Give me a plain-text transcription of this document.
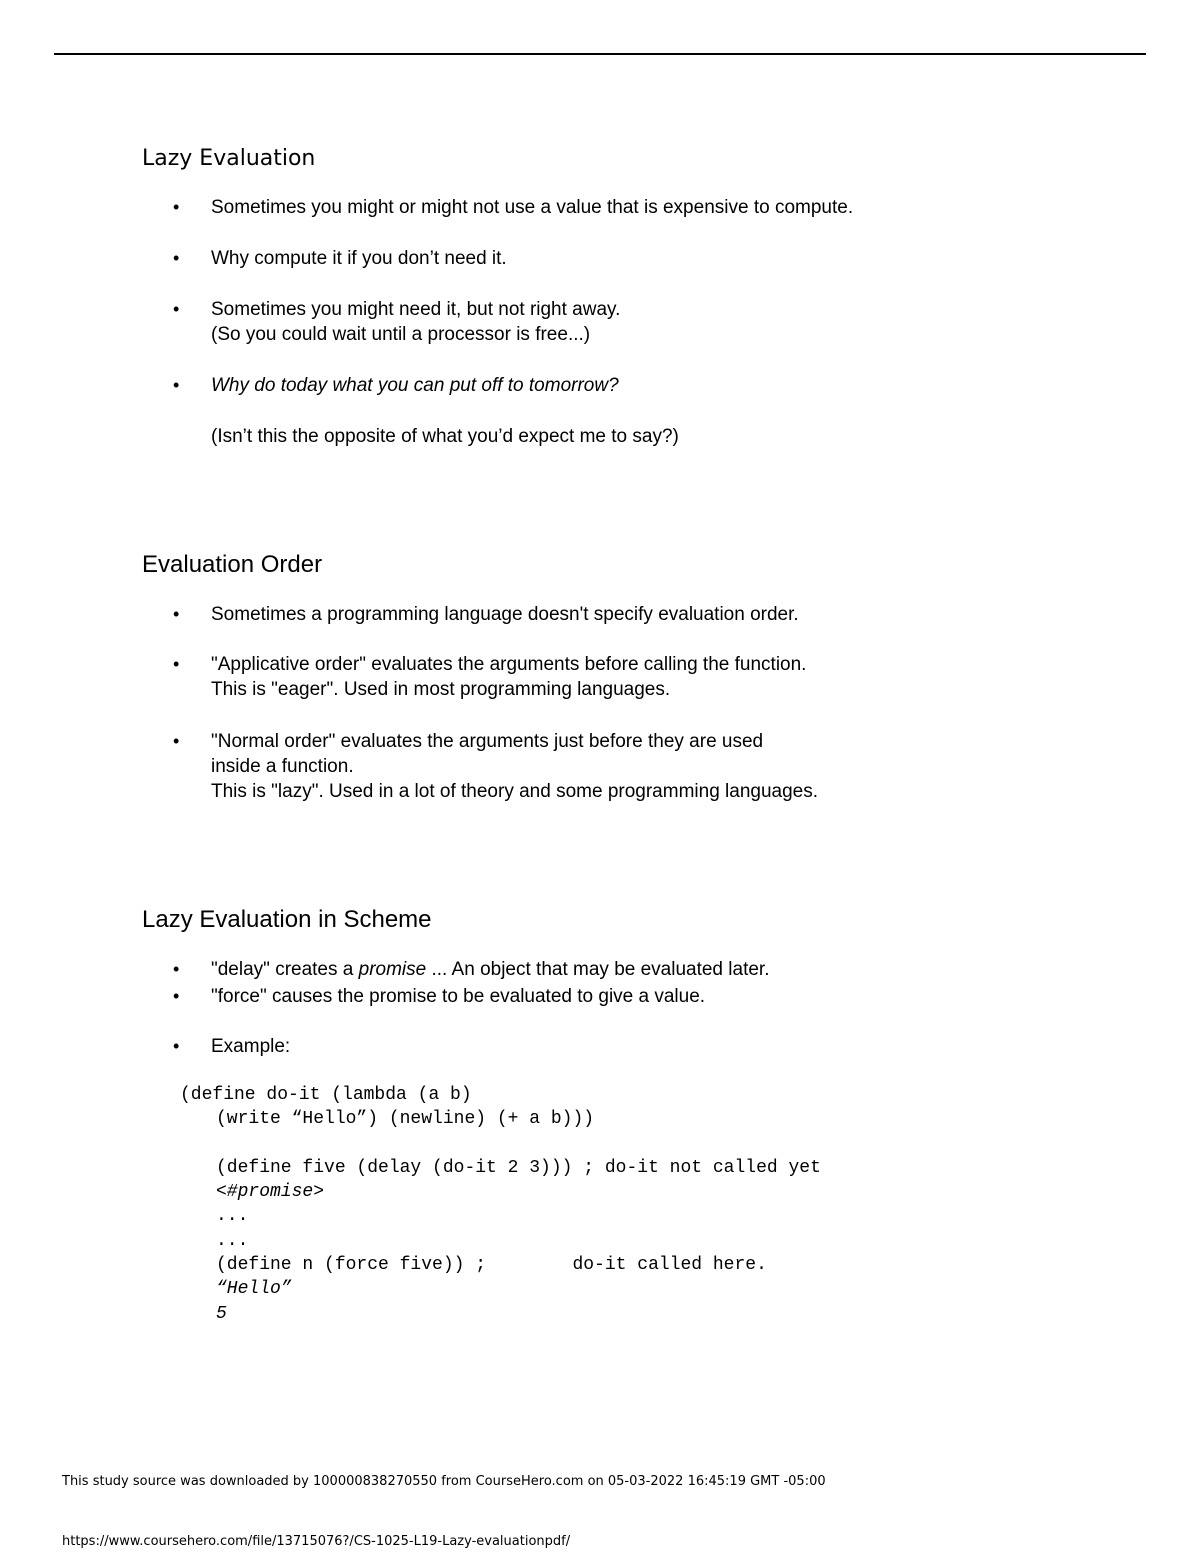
Lazy Evaluation
• Sometimes you might or might not use a value that is expensive to compute.
• Why compute it if you don’t need it.
• Sometimes you might need it, but not right away.
(So you could wait until a processor is free...)
• Why do today what you can put off to tomorrow?
(Isn’t this the opposite of what you’d expect me to say?)
Evaluation Order
• Sometimes a programming language doesn't specify evaluation order.
• "Applicative order" evaluates the arguments before calling the function.
This is "eager". Used in most programming languages.
• "Normal order" evaluates the arguments just before they are used
inside a function.
This is "lazy". Used in a lot of theory and some programming languages.
Lazy Evaluation in Scheme
• "delay" creates a promise ... An object that may be evaluated later.
• "force" causes the promise to be evaluated to give a value.
• Example:
(define do-it (lambda (a b)
(write “Hello”) (newline) (+ a b)))
(define five (delay (do-it 2 3))) ; do-it not called yet
<#promise>
...
...
(define n (force five)) ;        do-it called here.
“Hello”
5
This study source was downloaded by 100000838270550 from CourseHero.com on 05-03-2022 16:45:19 GMT -05:00
https://www.coursehero.com/file/13715076?/CS-1025-L19-Lazy-evaluationpdf/
